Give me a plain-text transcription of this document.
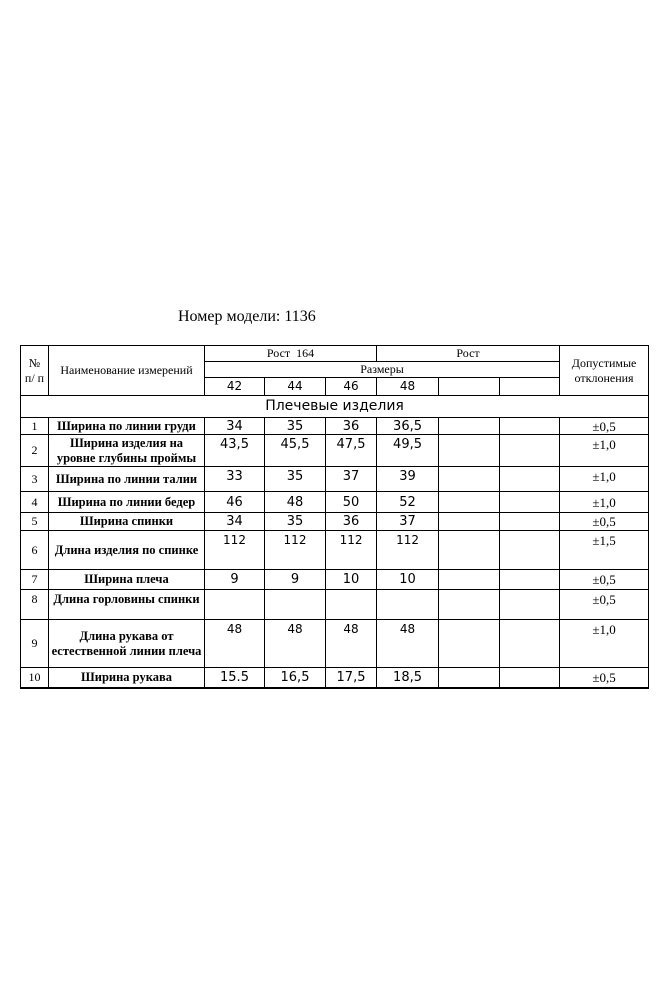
Номер модели: 1136
№ п/ п	Наименование измерений	Рост  164			Рост			Допустимые отклонения
		Размеры						
		42	44	46	48			
Плечевые изделия								
1	Ширина по линии груди	34	35	36	36,5			±0,5
2	Ширина изделия на уровне глубины проймы	43,5	45,5	47,5	49,5			±1,0
3	Ширина по линии талии	33	35	37	39			±1,0
4	Ширина по линии бедер	46	48	50	52			±1,0
5	Ширина спинки	34	35	36	37			±0,5
6	Длина изделия по спинке	112	112	112	112			±1,5
7	Ширина плеча	9	9	10	10			±0,5
8	Длина горловины спинки							±0,5
9	Длина рукава от естественной линии плеча	48	48	48	48			±1,0
10	Ширина рукава	15.5	16,5	17,5	18,5			±0,5
